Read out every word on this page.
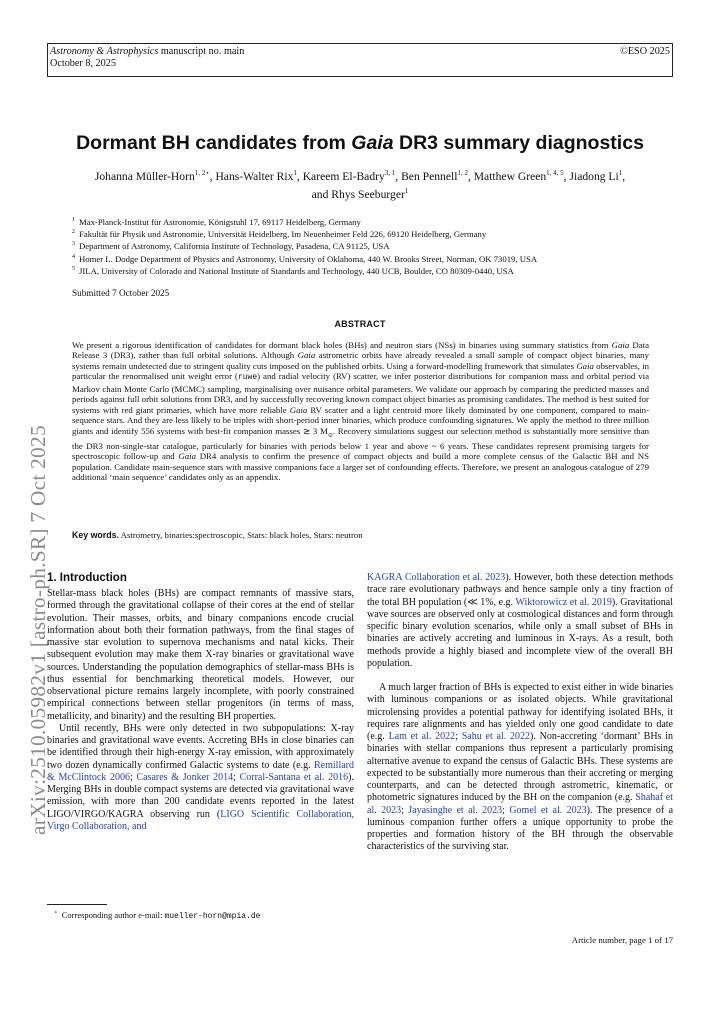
Astronomy & Astrophysics manuscript no. main
October 8, 2025
©ESO 2025
arXiv:2510.05982v1 [astro-ph.SR] 7 Oct 2025
Dormant BH candidates from Gaia DR3 summary diagnostics
Johanna Müller-Horn$^{1, 2⋆}$, Hans-Walter Rix$^1$, Kareem El-Badry$^{3, 1}$, Ben Pennell$^{1, 2}$, Matthew Green$^{1, 4, 5}$, Jiadong Li$^1$,
and Rhys Seeburger$^1$
$^1$ Max-Planck-Institut für Astronomie, Königstuhl 17, 69117 Heidelberg, Germany
$^2$ Fakultät für Physik und Astronomie, Universität Heidelberg, Im Neuenheimer Feld 226, 69120 Heidelberg, Germany
$^3$ Department of Astronomy, California Institute of Technology, Pasadena, CA 91125, USA
$^4$ Homer L. Dodge Department of Physics and Astronomy, University of Oklahoma, 440 W. Brooks Street, Norman, OK 73019, USA
$^5$ JILA, University of Colorado and National Institute of Standards and Technology, 440 UCB, Boulder, CO 80309-0440, USA
Submitted 7 October 2025
ABSTRACT
We present a rigorous identification of candidates for dormant black holes (BHs) and neutron stars (NSs) in binaries using summary statistics from Gaia Data Release 3 (DR3), rather than full orbital solutions. Although Gaia astrometric orbits have already revealed a small sample of compact object binaries, many systems remain undetected due to stringent quality cuts imposed on the published orbits. Using a forward-modelling framework that simulates Gaia observables, in particular the renormalised unit weight error (ruwe) and radial velocity (RV) scatter, we infer posterior distributions for companion mass and orbital period via Markov chain Monte Carlo (MCMC) sampling, marginalising over nuisance orbital parameters. We validate our approach by comparing the predicted masses and periods against full orbit solutions from DR3, and by successfully recovering known compact object binaries as promising candidates. The method is best suited for systems with red giant primaries, which have more reliable Gaia RV scatter and a light centroid more likely dominated by one component, compared to main-sequence stars. And they are less likely to be triples with short-period inner binaries, which produce confounding signatures. We apply the method to three million giants and identify 556 systems with best-fit companion masses ≳ 3 $M_⊙$. Recovery simulations suggest our selection method is substantially more sensitive than the DR3 non-single-star catalogue, particularly for binaries with periods below 1 year and above ~ 6 years. These candidates represent promising targets for spectroscopic follow-up and Gaia DR4 analysis to confirm the presence of compact objects and build a more complete census of the Galactic BH and NS population. Candidate main-sequence stars with massive companions face a larger set of confounding effects. Therefore, we present an analogous catalogue of 279 additional ‘main sequence’ candidates only as an appendix.
Key words. Astrometry, binaries:spectroscopic, Stars: black holes, Stars: neutron
1. Introduction

Stellar-mass black holes (BHs) are compact remnants of massive stars, formed through the gravitational collapse of their cores at the end of stellar evolution. Their masses, orbits, and binary companions encode crucial information about both their formation pathways, from the final stages of massive star evolution to supernova mechanisms and natal kicks. Their subsequent evolution may make them X-ray binaries or gravitational wave sources. Understanding the population demographics of stellar-mass BHs is thus essential for benchmarking theoretical models. However, our observational picture remains largely incomplete, with poorly constrained empirical connections between stellar progenitors (in terms of mass, metallicity, and binarity) and the resulting BH properties.

Until recently, BHs were only detected in two subpopulations: X-ray binaries and gravitational wave events. Accreting BHs in close binaries can be identified through their high-energy X-ray emission, with approximately two dozen dynamically confirmed Galactic systems to date (e.g. Remillard & McClintock 2006; Casares & Jonker 2014; Corral-Santana et al. 2016). Merging BHs in double compact systems are detected via gravitational wave emission, with more than 200 candidate events reported in the latest LIGO/VIRGO/KAGRA observing run (LIGO Scientific Collaboration, Virgo Collaboration, and

KAGRA Collaboration et al. 2023). However, both these detection methods trace rare evolutionary pathways and hence sample only a tiny fraction of the total BH population (≪ 1%, e.g. Wiktorowicz et al. 2019). Gravitational wave sources are observed only at cosmological distances and form through specific binary evolution scenarios, while only a small subset of BHs in binaries are actively accreting and luminous in X-rays. As a result, both methods provide a highly biased and incomplete view of the overall BH population.

A much larger fraction of BHs is expected to exist either in wide binaries with luminous companions or as isolated objects. While gravitational microlensing provides a potential pathway for identifying isolated BHs, it requires rare alignments and has yielded only one good candidate to date (e.g. Lam et al. 2022; Sahu et al. 2022). Non-accreting ‘dormant’ BHs in binaries with stellar companions thus represent a particularly promising alternative avenue to expand the census of Galactic BHs. These systems are expected to be substantially more numerous than their accreting or merging counterparts, and can be detected through astrometric, kinematic, or photometric signatures induced by the BH on the companion (e.g. Shahaf et al. 2023; Jayasinghe et al. 2023; Gomel et al. 2023). The presence of a luminous companion further offers a unique opportunity to probe the properties and formation history of the BH through the observable characteristics of the surviving star.

⋆ Corresponding author e-mail: mueller-horn@mpia.de
Article number, page 1 of 17
